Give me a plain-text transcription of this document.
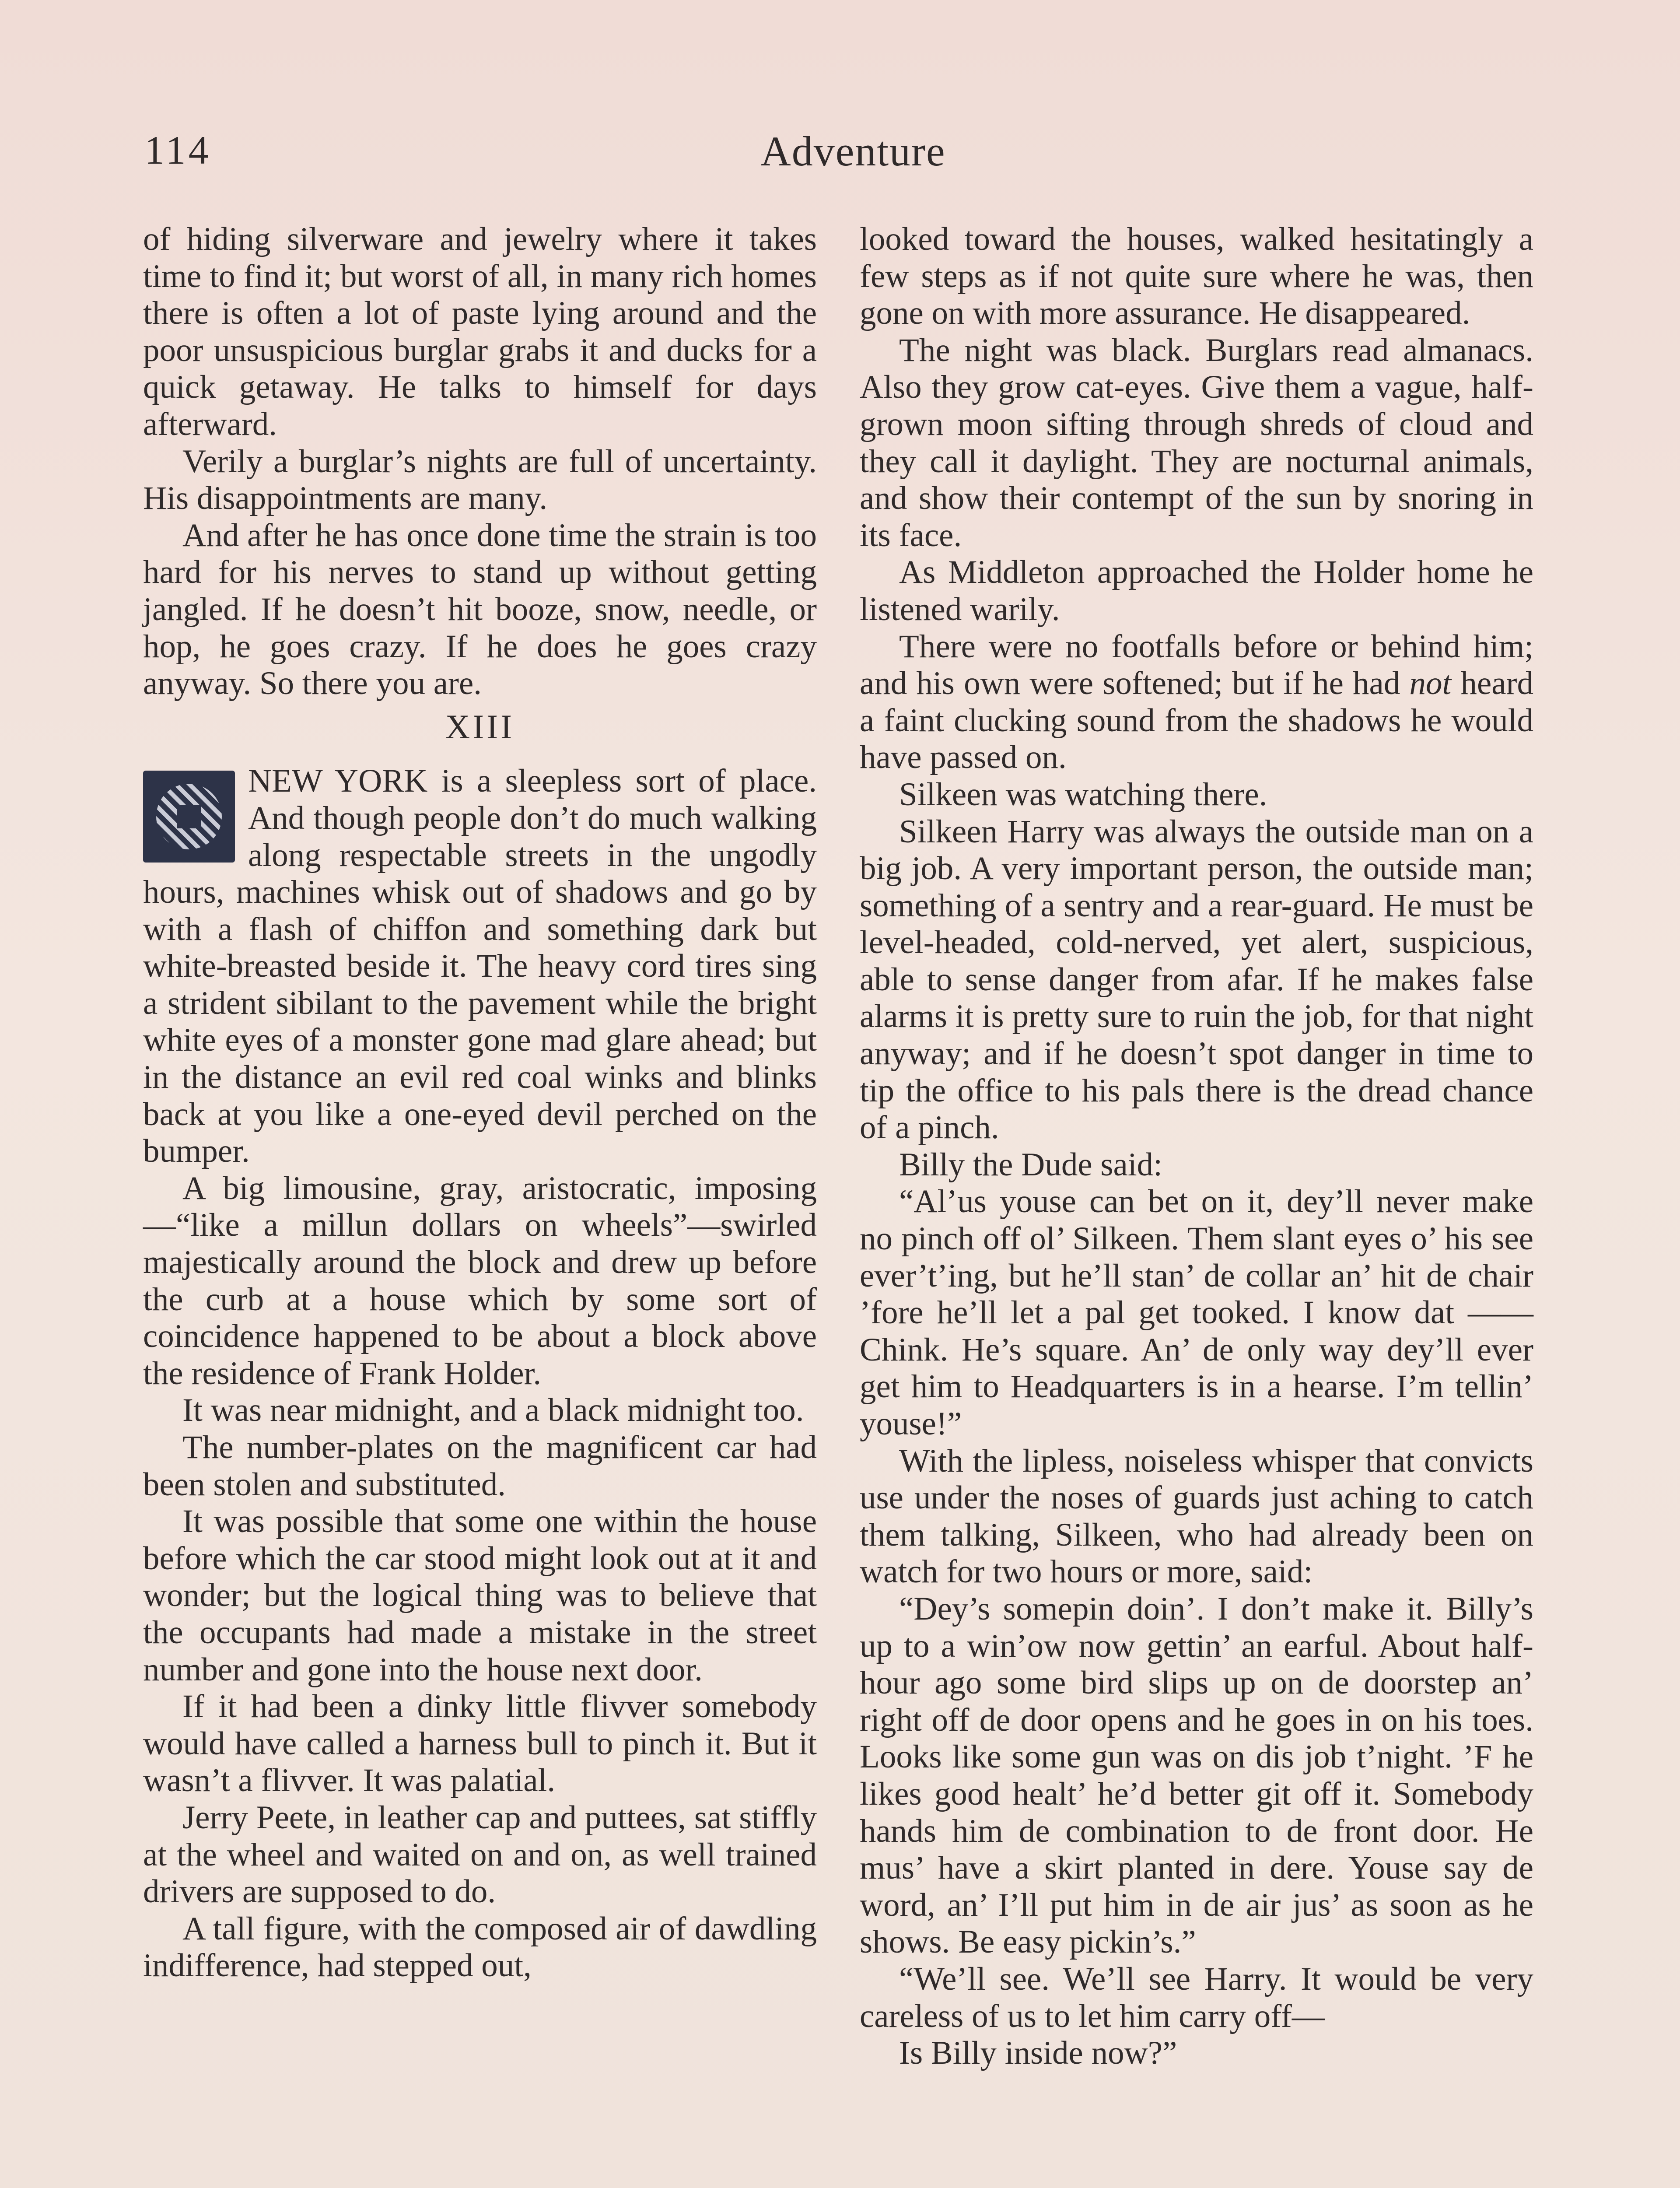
114	Adventure

of hiding silverware and jewelry where it takes time to find it; but worst of all, in many rich homes there is often a lot of paste lying around and the poor unsuspicious burglar grabs it and ducks for a quick getaway. He talks to himself for days afterward.

Verily a burglar’s nights are full of uncertainty. His disappointments are many.

And after he has once done time the strain is too hard for his nerves to stand up without getting jangled. If he doesn’t hit booze, snow, needle, or hop, he goes crazy. If he does he goes crazy anyway. So there you are.

XIII

NEW YORK is a sleepless sort of place. And though people don’t do much walking along respectable streets in the ungodly hours, machines whisk out of shadows and go by with a flash of chiffon and something dark but white-breasted beside it. The heavy cord tires sing a strident sibilant to the pavement while the bright white eyes of a monster gone mad glare ahead; but in the distance an evil red coal winks and blinks back at you like a one-eyed devil perched on the bumper.

A big limousine, gray, aristocratic, imposing—“like a millun dollars on wheels”—swirled majestically around the block and drew up before the curb at a house which by some sort of coincidence happened to be about a block above the residence of Frank Holder.

It was near midnight, and a black midnight too.

The number-plates on the magnificent car had been stolen and substituted.

It was possible that some one within the house before which the car stood might look out at it and wonder; but the logical thing was to believe that the occupants had made a mistake in the street number and gone into the house next door.

If it had been a dinky little flivver somebody would have called a harness bull to pinch it. But it wasn’t a flivver. It was palatial.

Jerry Peete, in leather cap and puttees, sat stiffly at the wheel and waited on and on, as well trained drivers are supposed to do.

A tall figure, with the composed air of dawdling indifference, had stepped out,

looked toward the houses, walked hesitatingly a few steps as if not quite sure where he was, then gone on with more assurance. He disappeared.

The night was black. Burglars read almanacs. Also they grow cat-eyes. Give them a vague, half-grown moon sifting through shreds of cloud and they call it daylight. They are nocturnal animals, and show their contempt of the sun by snoring in its face.

As Middleton approached the Holder home he listened warily.

There were no footfalls before or behind him; and his own were softened; but if he had not heard a faint clucking sound from the shadows he would have passed on.

Silkeen was watching there.

Silkeen Harry was always the outside man on a big job. A very important person, the outside man; something of a sentry and a rear-guard. He must be level-headed, cold-nerved, yet alert, suspicious, able to sense danger from afar. If he makes false alarms it is pretty sure to ruin the job, for that night anyway; and if he doesn’t spot danger in time to tip the office to his pals there is the dread chance of a pinch.

Billy the Dude said:

“Al’us youse can bet on it, dey’ll never make no pinch off ol’ Silkeen. Them slant eyes o’ his see ever’t’ing, but he’ll stan’ de collar an’ hit de chair ’fore he’ll let a pal get tooked. I know dat —— Chink. He’s square. An’ de only way dey’ll ever get him to Headquarters is in a hearse. I’m tellin’ youse!”

With the lipless, noiseless whisper that convicts use under the noses of guards just aching to catch them talking, Silkeen, who had already been on watch for two hours or more, said:

“Dey’s somepin doin’. I don’t make it. Billy’s up to a win’ow now gettin’ an earful. About half-hour ago some bird slips up on de doorstep an’ right off de door opens and he goes in on his toes. Looks like some gun was on dis job t’night. ’F he likes good healt’ he’d better git off it. Somebody hands him de combination to de front door. He mus’ have a skirt planted in dere. Youse say de word, an’ I’ll put him in de air jus’ as soon as he shows. Be easy pickin’s.”

“We’ll see. We’ll see Harry. It would be very careless of us to let him carry off—

Is Billy inside now?”
